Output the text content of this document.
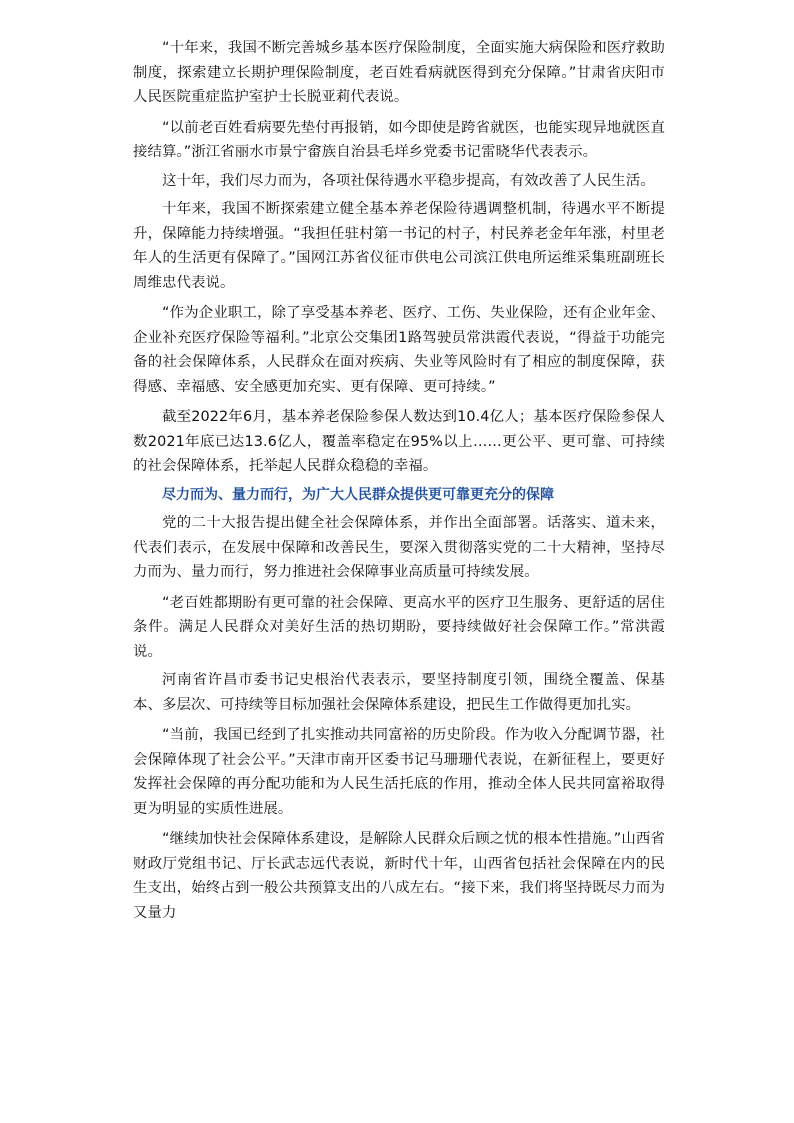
“十年来，我国不断完善城乡基本医疗保险制度，全面实施大病保险和医疗救助制度，探索建立长期护理保险制度，老百姓看病就医得到充分保障。”甘肃省庆阳市人民医院重症监护室护士长脱亚莉代表说。

“以前老百姓看病要先垫付再报销，如今即使是跨省就医，也能实现异地就医直接结算。”浙江省丽水市景宁畲族自治县毛垟乡党委书记雷晓华代表表示。

这十年，我们尽力而为，各项社保待遇水平稳步提高，有效改善了人民生活。

十年来，我国不断探索建立健全基本养老保险待遇调整机制，待遇水平不断提升，保障能力持续增强。“我担任驻村第一书记的村子，村民养老金年年涨，村里老年人的生活更有保障了。”国网江苏省仪征市供电公司滨江供电所运维采集班副班长周维忠代表说。

“作为企业职工，除了享受基本养老、医疗、工伤、失业保险，还有企业年金、企业补充医疗保险等福利。”北京公交集团1路驾驶员常洪霞代表说，“得益于功能完备的社会保障体系，人民群众在面对疾病、失业等风险时有了相应的制度保障，获得感、幸福感、安全感更加充实、更有保障、更可持续。”

截至2022年6月，基本养老保险参保人数达到10.4亿人；基本医疗保险参保人数2021年底已达13.6亿人，覆盖率稳定在95%以上……更公平、更可靠、可持续的社会保障体系，托举起人民群众稳稳的幸福。

尽力而为、量力而行，为广大人民群众提供更可靠更充分的保障

党的二十大报告提出健全社会保障体系，并作出全面部署。话落实、道未来，代表们表示，在发展中保障和改善民生，要深入贯彻落实党的二十大精神，坚持尽力而为、量力而行，努力推进社会保障事业高质量可持续发展。

“老百姓都期盼有更可靠的社会保障、更高水平的医疗卫生服务、更舒适的居住条件。满足人民群众对美好生活的热切期盼，要持续做好社会保障工作。”常洪霞说。

河南省许昌市委书记史根治代表表示，要坚持制度引领，围绕全覆盖、保基本、多层次、可持续等目标加强社会保障体系建设，把民生工作做得更加扎实。

“当前，我国已经到了扎实推动共同富裕的历史阶段。作为收入分配调节器，社会保障体现了社会公平。”天津市南开区委书记马珊珊代表说，在新征程上，要更好发挥社会保障的再分配功能和为人民生活托底的作用，推动全体人民共同富裕取得更为明显的实质性进展。

“继续加快社会保障体系建设，是解除人民群众后顾之忧的根本性措施。”山西省财政厅党组书记、厅长武志远代表说，新时代十年，山西省包括社会保障在内的民生支出，始终占到一般公共预算支出的八成左右。“接下来，我们将坚持既尽力而为又量力
